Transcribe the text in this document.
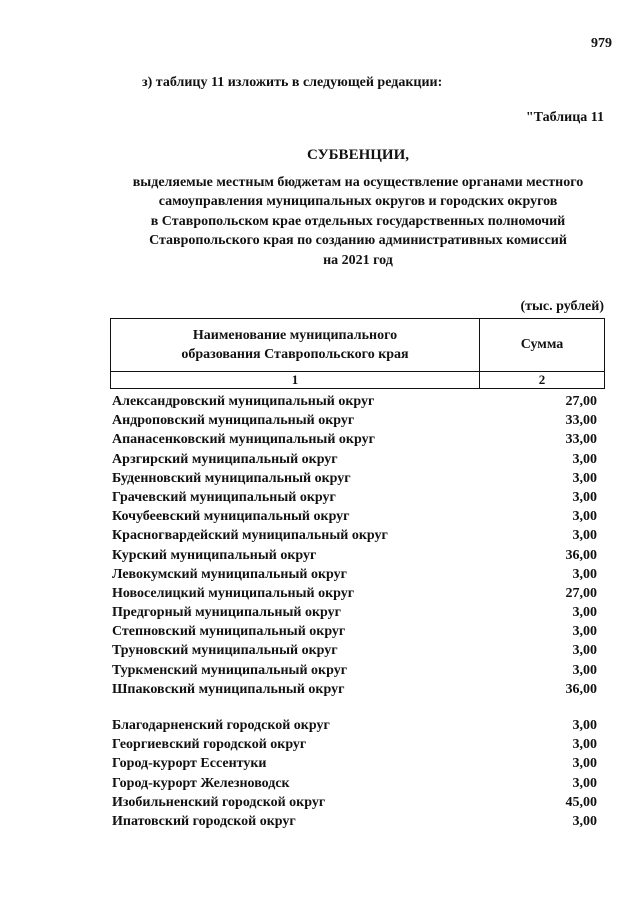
979
з) таблицу 11 изложить в следующей редакции:
"Таблица 11
СУБВЕНЦИИ,
выделяемые местным бюджетам на осуществление органами местного
самоуправления муниципальных округов и городских округов
в Ставропольском крае отдельных государственных полномочий
Ставропольского края по созданию административных комиссий
на 2021 год
(тыс. рублей)
Наименование муниципального образования Ставропольского края	Сумма
1	2
Александровский муниципальный округ	27,00
Андроповский муниципальный округ	33,00
Апанасенковский муниципальный округ	33,00
Арзгирский муниципальный округ	3,00
Буденновский муниципальный округ	3,00
Грачевский муниципальный округ	3,00
Кочубеевский муниципальный округ	3,00
Красногвардейский муниципальный округ	3,00
Курский муниципальный округ	36,00
Левокумский муниципальный округ	3,00
Новоселицкий муниципальный округ	27,00
Предгорный муниципальный округ	3,00
Степновский муниципальный округ	3,00
Труновский муниципальный округ	3,00
Туркменский муниципальный округ	3,00
Шпаковский муниципальный округ	36,00
Благодарненский городской округ	3,00
Георгиевский городской округ	3,00
Город-курорт Ессентуки	3,00
Город-курорт Железноводск	3,00
Изобильненский городской округ	45,00
Ипатовский городской округ	3,00
